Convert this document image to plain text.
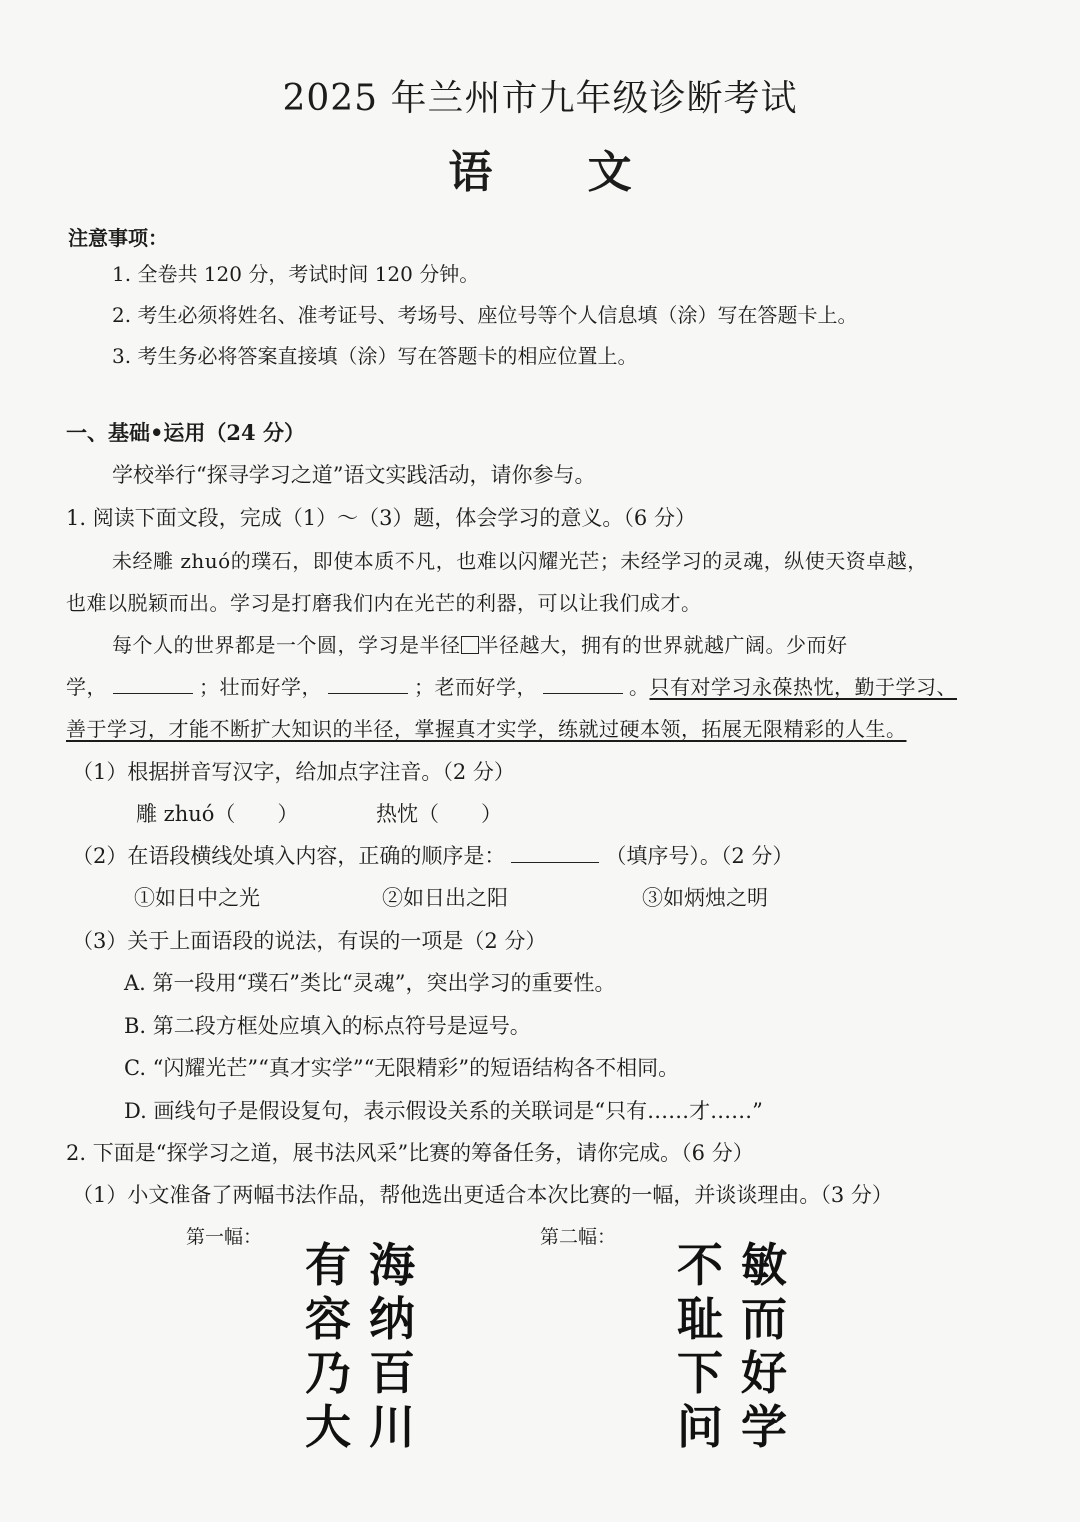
2025 年兰州市九年级诊断考试
语 文
注意事项：
1. 全卷共 120 分，考试时间 120 分钟。
2. 考生必须将姓名、准考证号、考场号、座位号等个人信息填（涂）写在答题卡上。
3. 考生务必将答案直接填（涂）写在答题卡的相应位置上。
一、基础•运用（24 分）
学校举行“探寻学习之道”语文实践活动，请你参与。
1. 阅读下面文段，完成（1）～（3）题，体会学习的意义。（6 分）
未经雕 zhuó的璞石，即使本质不凡，也难以闪耀光芒；未经学习的灵魂，纵使天资卓越，
也难以脱颖而出。学习是打磨我们内在光芒的利器，可以让我们成才。
每个人的世界都是一个圆，学习是半径 半径越大，拥有的世界就越广阔。少而好
学，	；壮而好学，	；老而好学，	。只有对学习永葆热忱，勤于学习、
善于学习，才能不断扩大知识的半径，掌握真才实学，练就过硬本领，拓展无限精彩的人生。
（1）根据拼音写汉字，给加点字注音。（2 分）
雕 zhuó（　　）	热忱（　　）
（2）在语段横线处填入内容，正确的顺序是：	（填序号）。（2 分）
①如日中之光	②如日出之阳	③如炳烛之明
（3）关于上面语段的说法，有误的一项是（2 分）
A. 第一段用“璞石”类比“灵魂”，突出学习的重要性。
B. 第二段方框处应填入的标点符号是逗号。
C. “闪耀光芒”“真才实学”“无限精彩”的短语结构各不相同。
D. 画线句子是假设复句，表示假设关系的关联词是“只有……才……”
2. 下面是“探学习之道，展书法风采”比赛的筹备任务，请你完成。（6 分）
（1）小文准备了两幅书法作品，帮他选出更适合本次比赛的一幅，并谈谈理由。（3 分）
第一幅：	第二幅：
海
纳
百
川
有
容
乃
大
敏
而
好
学
不
耻
下
问
